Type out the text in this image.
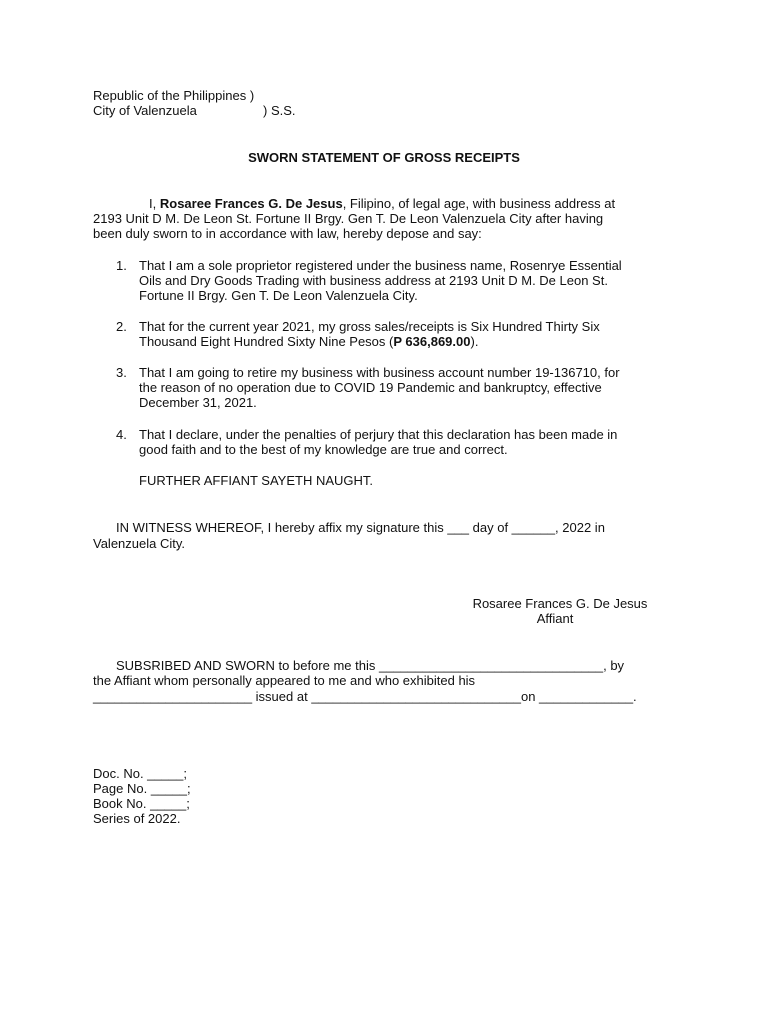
Republic of the Philippines )
City of Valenzuela	) S.S.
SWORN STATEMENT OF GROSS RECEIPTS
I, Rosaree Frances G. De Jesus, Filipino, of legal age, with business address at
2193 Unit D M. De Leon St. Fortune II Brgy. Gen T. De Leon Valenzuela City after having
been duly sworn to in accordance with law, hereby depose and say:
1. That I am a sole proprietor registered under the business name, Rosenrye Essential
Oils and Dry Goods Trading with business address at 2193 Unit D M. De Leon St.
Fortune II Brgy. Gen T. De Leon Valenzuela City.
2. That for the current year 2021, my gross sales/receipts is Six Hundred Thirty Six
Thousand Eight Hundred Sixty Nine Pesos (P 636,869.00).
3. That I am going to retire my business with business account number 19-136710, for
the reason of no operation due to COVID 19 Pandemic and bankruptcy, effective
December 31, 2021.
4. That I declare, under the penalties of perjury that this declaration has been made in
good faith and to the best of my knowledge are true and correct.
FURTHER AFFIANT SAYETH NAUGHT.
IN WITNESS WHEREOF, I hereby affix my signature this ___ day of ______, 2022 in
Valenzuela City.
Rosaree Frances G. De Jesus
Affiant
SUBSRIBED AND SWORN to before me this _______________________________, by
the Affiant whom personally appeared to me and who exhibited his
______________________ issued at _____________________________on _____________.
Doc. No. _____;
Page No. _____;
Book No. _____;
Series of 2022.
